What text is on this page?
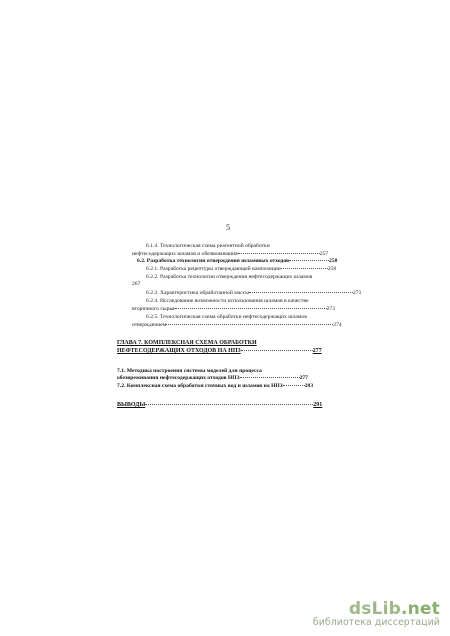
5
6.1.4. Технологическая схема реагентной обработки
нефтесодержащих шламов и обезвоживания	257
6.2. Разработка технологии отверждения шламовых отходов	258
6.2.1. Разработка рецептуры отверждающей композиции	258
6.2.2. Разработка технологии отверждения нефтесодержащих шламов
267
6.2.3. Характеристика обработанной массы	271
6.2.4. Исследование возможности использования шламов в качестве
вторичного сырья	273
6.2.5. Технологическая схема обработки нефтесодержащих шламов
отверждением	274
ГЛАВА 7. КОМПЛЕКСНАЯ СХЕМА ОБРАБОТКИ
НЕФТЕСОДЕРЖАЩИХ ОТХОДОВ НА НПЗ	277
7.1. Методика построения системы моделей для процесса
обезвреживания нефтесодержащих отходов НПЗ	277
7.2. Комплексная схема обработки сточных вод и шламов на НПЗ	283
ВЫВОДЫ	291
dsLib.net
библиотека диссертаций
